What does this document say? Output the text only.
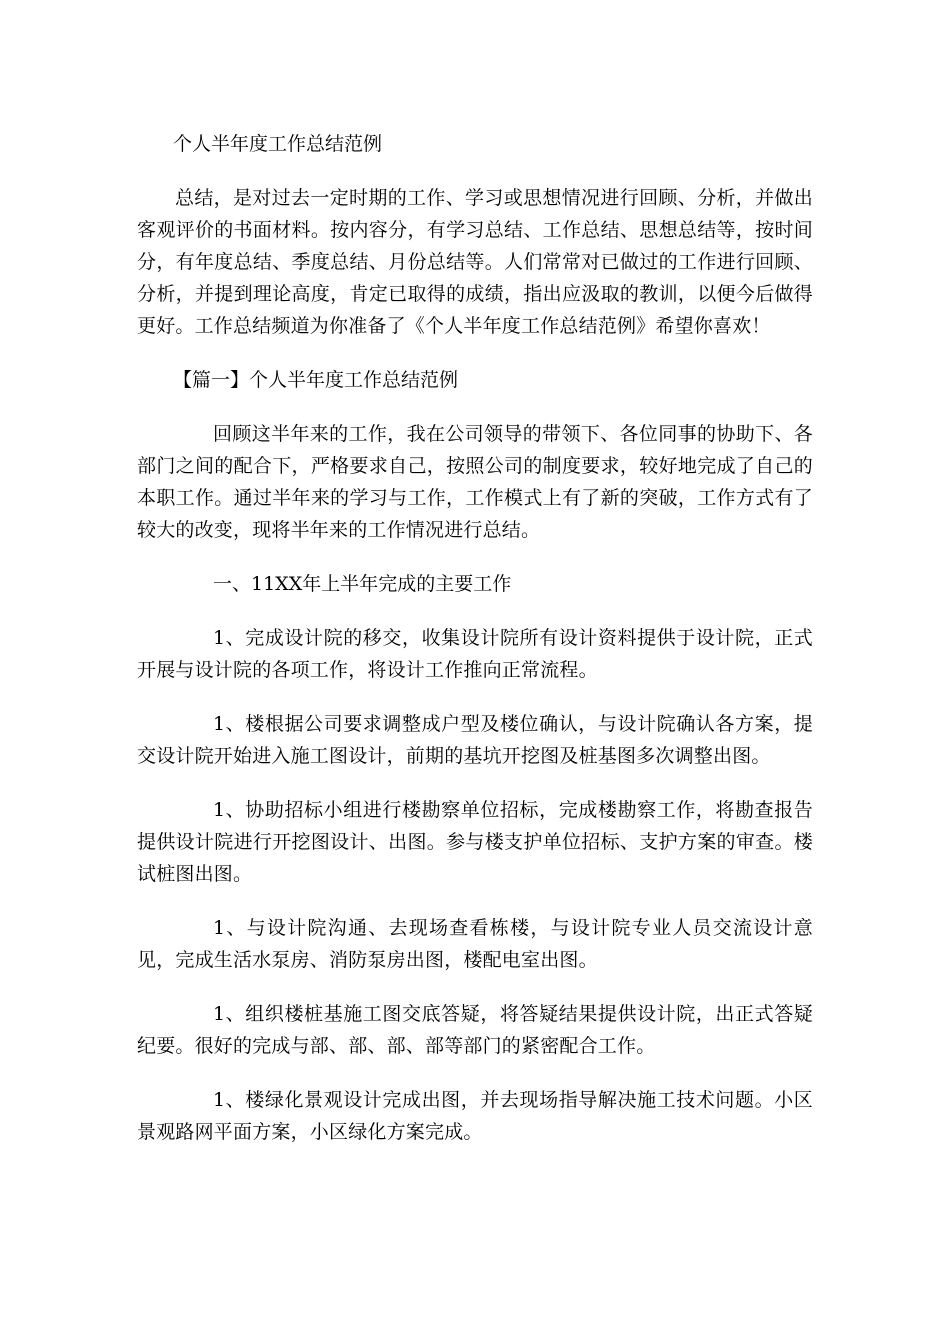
个人半年度工作总结范例

总结，是对过去一定时期的工作、学习或思想情况进行回顾、分析，并做出客观评价的书面材料。按内容分，有学习总结、工作总结、思想总结等，按时间分，有年度总结、季度总结、月份总结等。人们常常对已做过的工作进行回顾、分析，并提到理论高度，肯定已取得的成绩，指出应汲取的教训，以便今后做得更好。工作总结频道为你准备了《个人半年度工作总结范例》希望你喜欢！

【篇一】个人半年度工作总结范例

回顾这半年来的工作，我在公司领导的带领下、各位同事的协助下、各部门之间的配合下，严格要求自己，按照公司的制度要求，较好地完成了自己的本职工作。通过半年来的学习与工作，工作模式上有了新的突破，工作方式有了较大的改变，现将半年来的工作情况进行总结。

一、11XX年上半年完成的主要工作

1、完成设计院的移交，收集设计院所有设计资料提供于设计院，正式开展与设计院的各项工作，将设计工作推向正常流程。

1、楼根据公司要求调整成户型及楼位确认，与设计院确认各方案，提交设计院开始进入施工图设计，前期的基坑开挖图及桩基图多次调整出图。

1、协助招标小组进行楼勘察单位招标，完成楼勘察工作，将勘查报告提供设计院进行开挖图设计、出图。参与楼支护单位招标、支护方案的审查。楼试桩图出图。

1、与设计院沟通、去现场查看栋楼，与设计院专业人员交流设计意见，完成生活水泵房、消防泵房出图，楼配电室出图。

1、组织楼桩基施工图交底答疑，将答疑结果提供设计院，出正式答疑纪要。很好的完成与部、部、部、部等部门的紧密配合工作。

1、楼绿化景观设计完成出图，并去现场指导解决施工技术问题。小区景观路网平面方案，小区绿化方案完成。
